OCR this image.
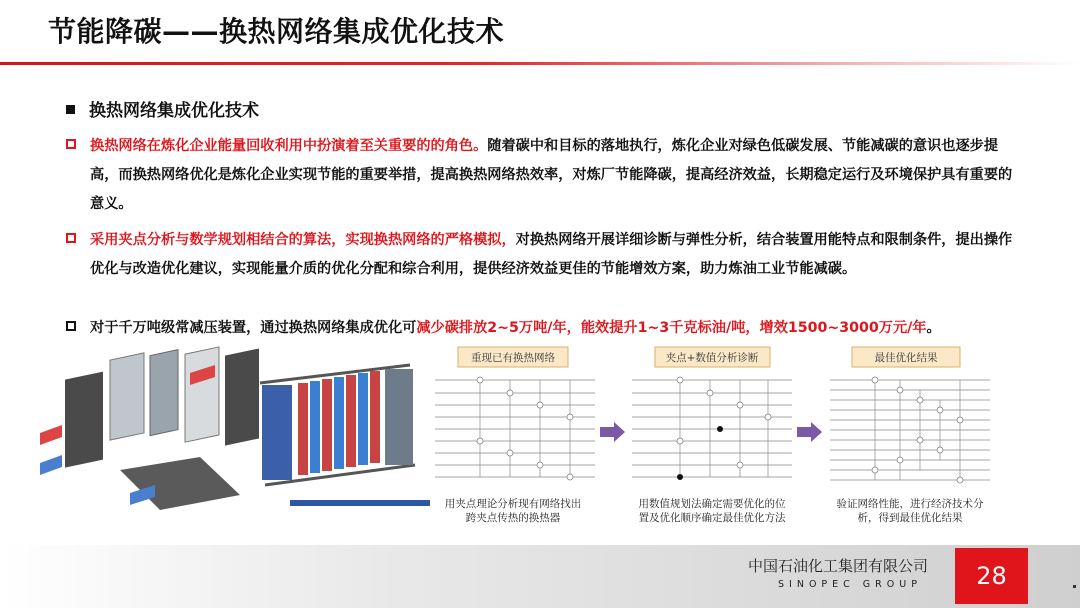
节能降碳——换热网络集成优化技术
换热网络集成优化技术
换热网络在炼化企业能量回收利用中扮演着至关重要的的角色。随着碳中和目标的落地执行，炼化企业对绿色低碳发展、节能减碳的意识也逐步提高，而换热网络优化是炼化企业实现节能的重要举措，提高换热网络热效率，对炼厂节能降碳，提高经济效益，长期稳定运行及环境保护具有重要的意义。
采用夹点分析与数学规划相结合的算法，实现换热网络的严格模拟，对换热网络开展详细诊断与弹性分析，结合装置用能特点和限制条件，提出操作优化与改造优化建议，实现能量介质的优化分配和综合利用，提供经济效益更佳的节能增效方案，助力炼油工业节能减碳。
对于千万吨级常减压装置，通过换热网络集成优化可减少碳排放2~5万吨/年，能效提升1~3千克标油/吨，增效1500~3000万元/年。
重现已有换热网络
用夹点理论分析现有网络找出
跨夹点传热的换热器
夹点+数值分析诊断
用数值规划法确定需要优化的位
置及优化顺序确定最佳优化方法
最佳优化结果
验证网络性能，进行经济技术分
析，得到最佳优化结果
中国石油化工集团有限公司
SINOPEC GROUP 28
